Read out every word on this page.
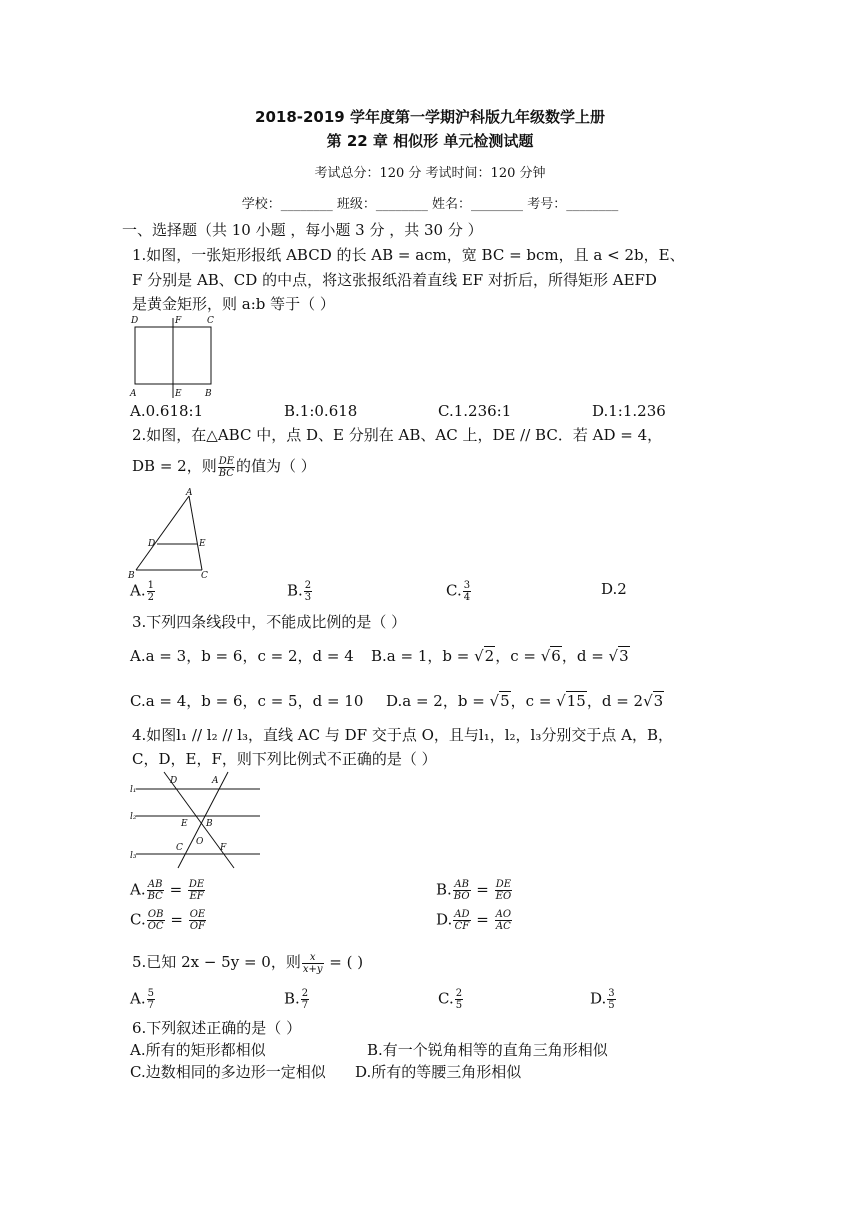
2018-2019 学年度第一学期沪科版九年级数学上册
第 22 章 相似形 单元检测试题
考试总分：120 分 考试时间：120 分钟
学校：________ 班级：________ 姓名：________ 考号：________
一、选择题（共 10 小题 ，每小题 3 分 ，共 30 分 ）
1.如图，一张矩形报纸 ABCD 的长 AB = acm，宽 BC = bcm，且 a < 2b，E、
F 分别是 AB、CD 的中点，将这张报纸沿着直线 EF 对折后，所得矩形 AEFD
是黄金矩形，则 a:b 等于（ ）
D	F	C
A	E	B
A.0.618:1	B.1:0.618	C.1.236:1	D.1:1.236
2.如图，在△ABC 中，点 D、E 分别在 AB、AC 上，DE // BC．若 AD = 4，
DB = 2，则 $\frac{DE}{BC}$ 的值为（ ）
A
D	E
B	C
A. $\frac{1}{2}$	B. $\frac{2}{3}$	C. $\frac{3}{4}$	D.2
3.下列四条线段中，不能成比例的是（ ）
A.a = 3，b = 6，c = 2，d = 4 B.a = 1，b = √2，c = √6，d = √3
C.a = 4，b = 6，c = 5，d = 10 D.a = 2，b = √5，c = √15，d = 2√3
4.如图l₁ // l₂ // l₃，直线 AC 与 DF 交于点 O，且与l₁，l₂，l₃分别交于点 A，B，
C，D，E，F，则下列比例式不正确的是（ ）
D	A
l₁
l₂
E B
O
C	F
l₃
A. $\frac{AB}{BC} = \frac{DE}{EF}$	B. $\frac{AB}{BO} = \frac{DE}{EO}$
C. $\frac{OB}{OC} = \frac{OE}{OF}$	D. $\frac{AD}{CF} = \frac{AO}{AC}$
5.已知 2x − 5y = 0，则 $\frac{x}{x+y}$ = ( )
A. $\frac{5}{7}$	B. $\frac{2}{7}$	C. $\frac{2}{5}$	D. $\frac{3}{5}$
6.下列叙述正确的是（ ）
A.所有的矩形都相似	B.有一个锐角相等的直角三角形相似
C.边数相同的多边形一定相似 D.所有的等腰三角形相似
